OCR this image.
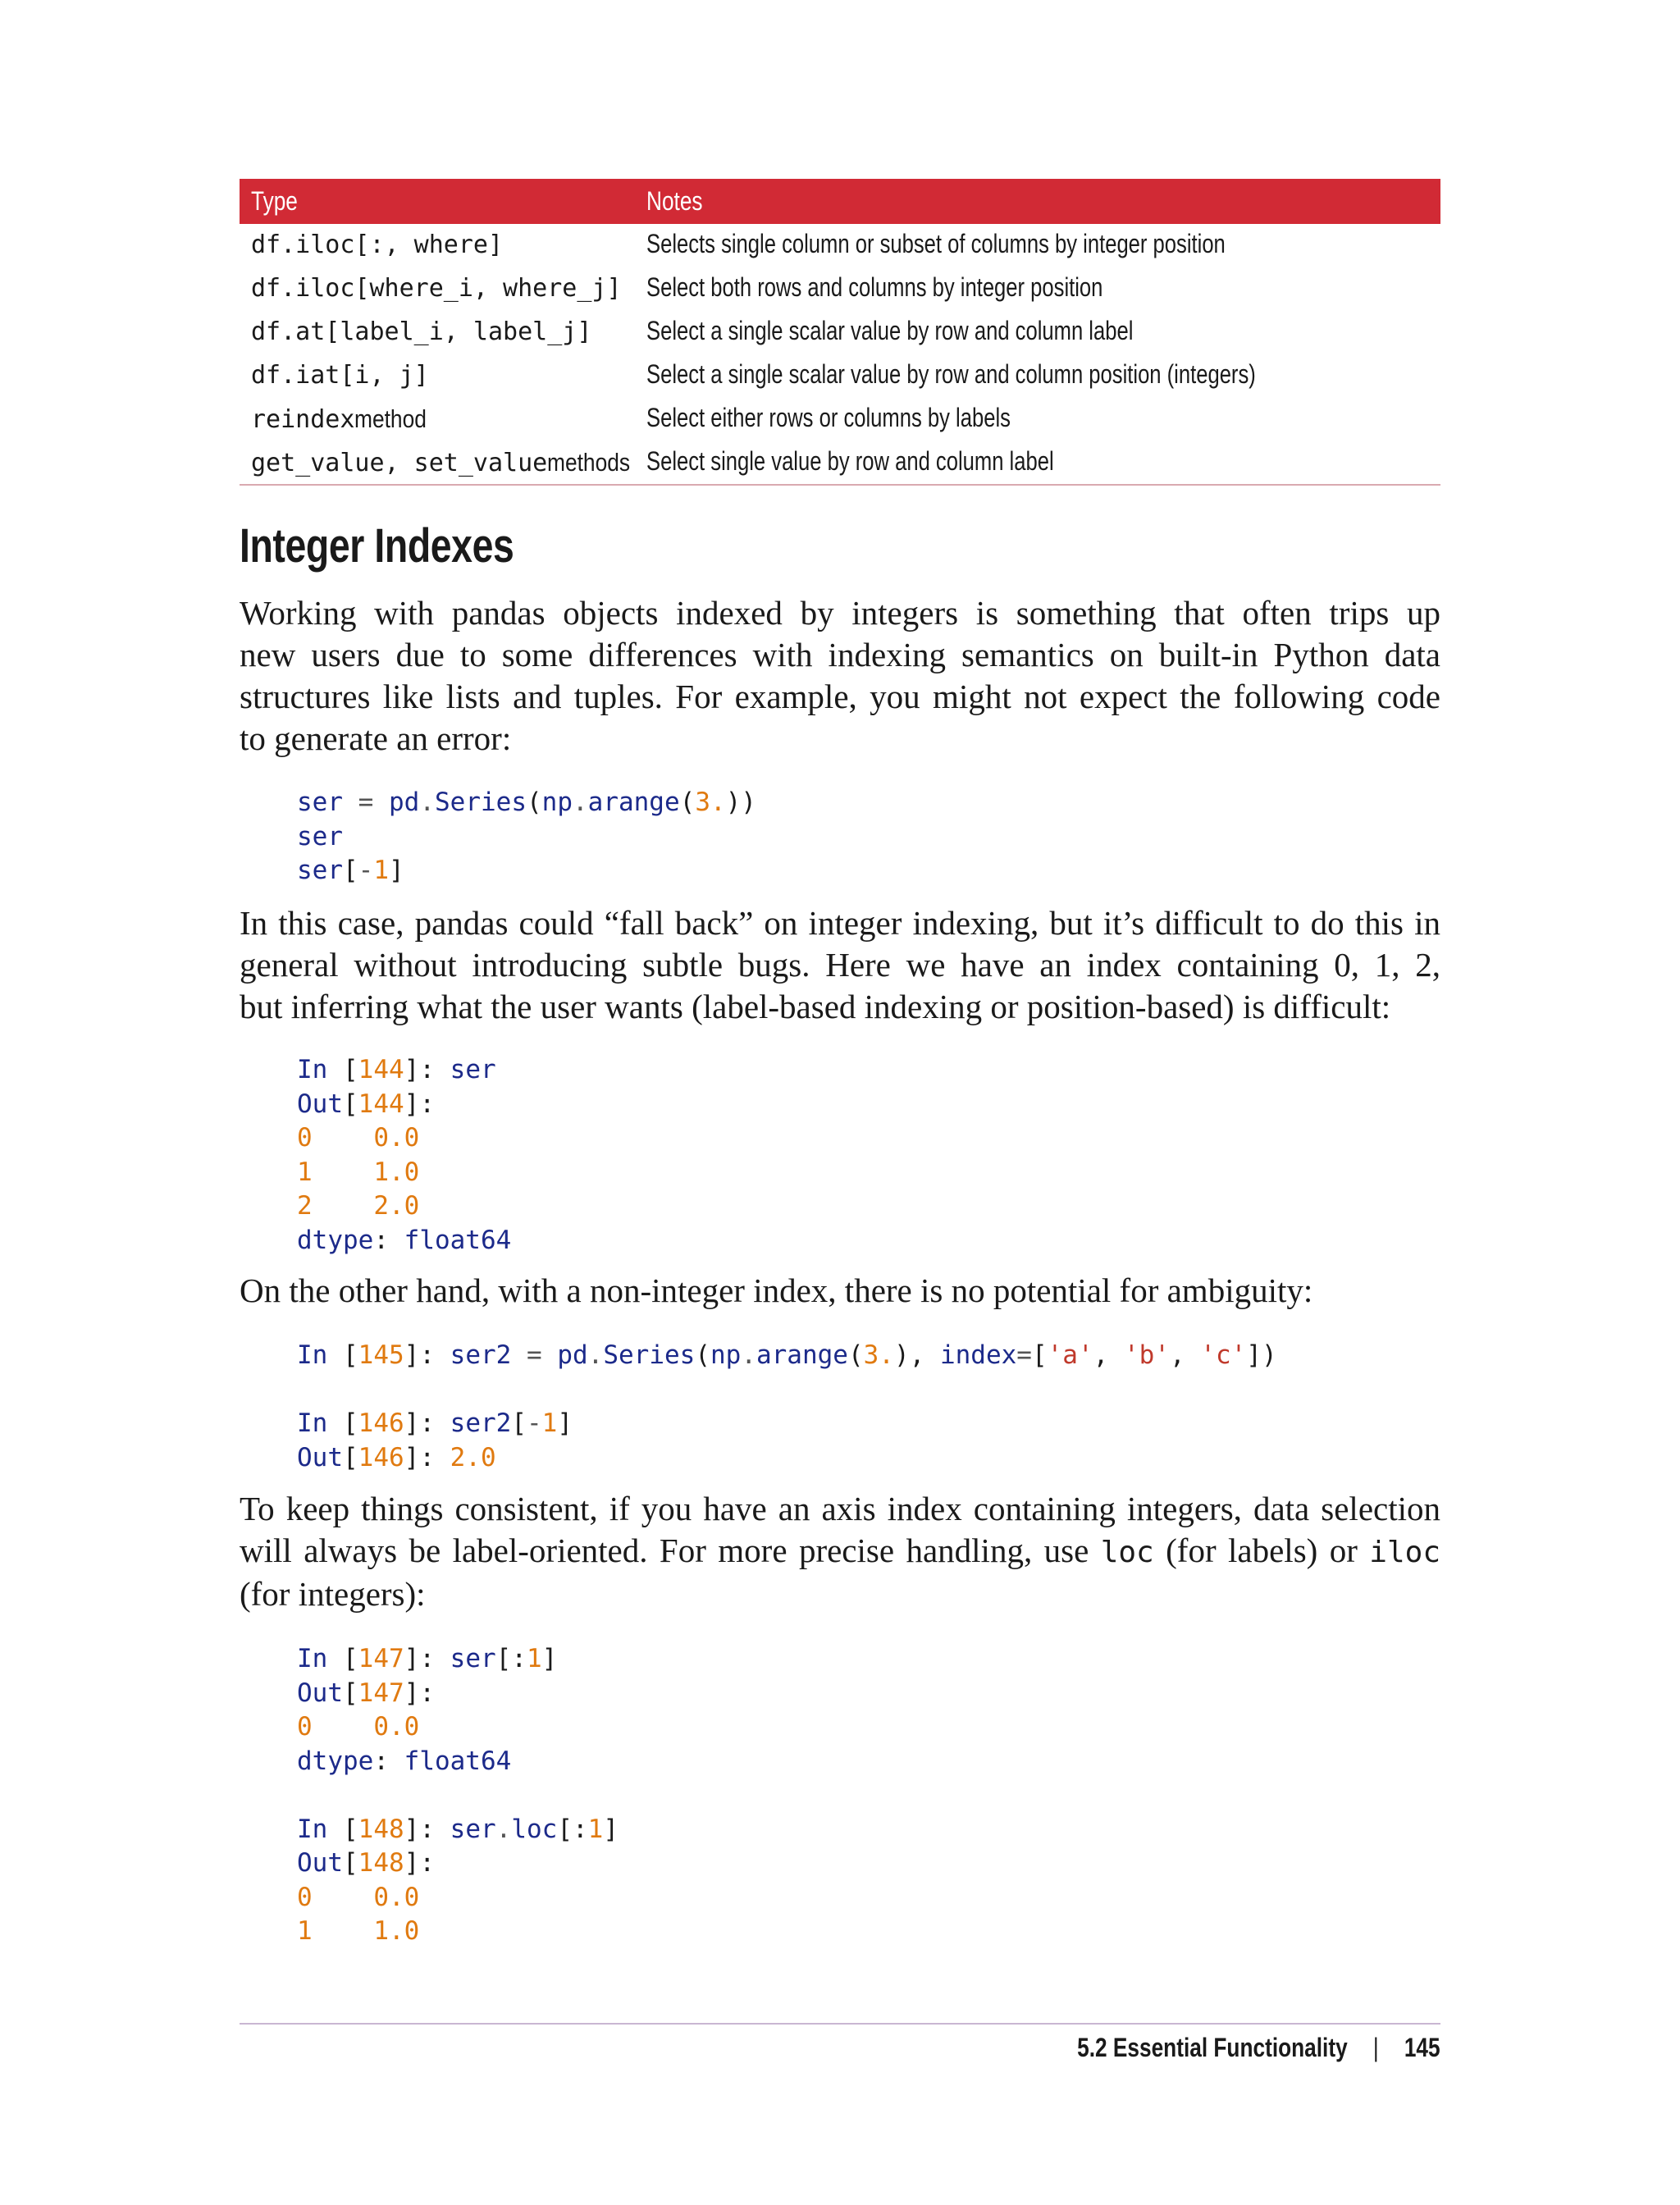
Type	Notes
df.iloc[:, where]	Selects single column or subset of columns by integer position
df.iloc[where_i, where_j] Select both rows and columns by integer position
df.at[label_i, label_j] Select a single scalar value by row and column label
df.iat[i, j]	Select a single scalar value by row and column position (integers)
reindexmethod	Select either rows or columns by labels
get_value, set_valuemethods Select single value by row and column label
Integer Indexes
Working with pandas objects indexed by integers is something that often trips up
new users due to some differences with indexing semantics on built-in Python data
structures like lists and tuples. For example, you might not expect the following code
to generate an error:
ser = pd.Series(np.arange(3.))
ser
ser[-1]
In this case, pandas could “fall back” on integer indexing, but it’s difficult to do this in
general without introducing subtle bugs. Here we have an index containing 0, 1, 2,
but inferring what the user wants (label-based indexing or position-based) is difficult:
In [144]: ser
Out[144]:
0    0.0
1    1.0
2    2.0
dtype: float64
On the other hand, with a non-integer index, there is no potential for ambiguity:
In [145]: ser2 = pd.Series(np.arange(3.), index=['a', 'b', 'c'])
In [146]: ser2[-1]
Out[146]: 2.0
To keep things consistent, if you have an axis index containing integers, data selection
will always be label-oriented. For more precise handling, use loc (for labels) or iloc
(for integers):
In [147]: ser[:1]
Out[147]:
0    0.0
dtype: float64
In [148]: ser.loc[:1]
Out[148]:
0    0.0
1    1.0
5.2 Essential Functionality | 145
